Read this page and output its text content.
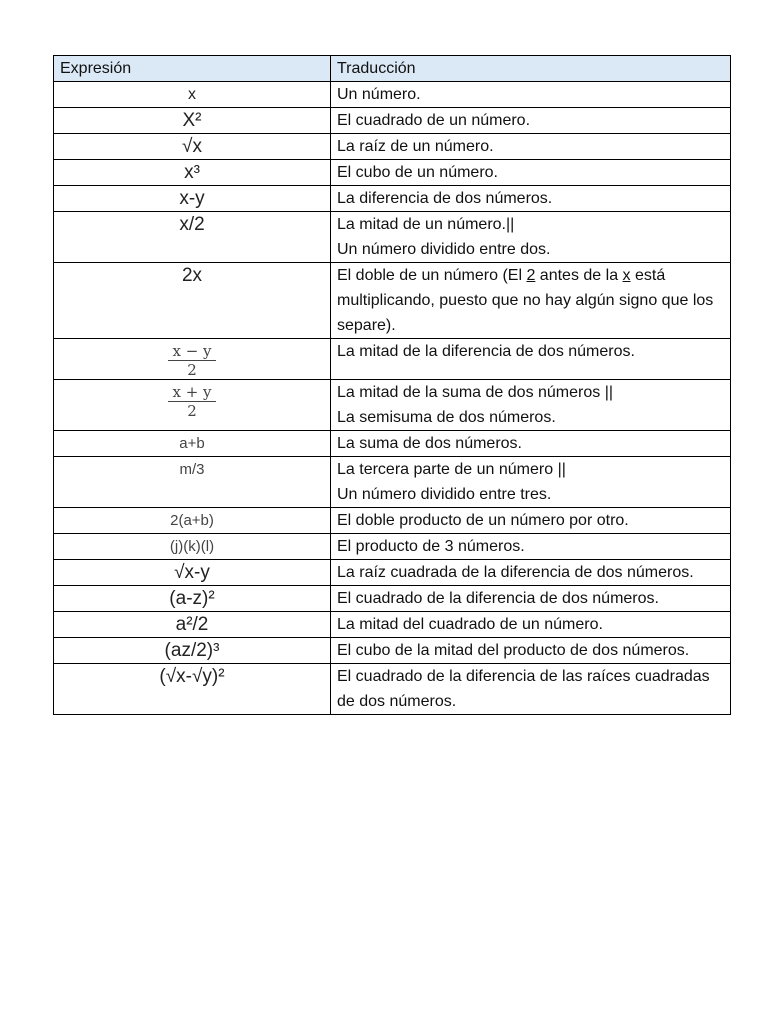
Expresión	Traducción
x	Un número.
X²	El cuadrado de un número.
√x	La raíz de un número.
x³	El cubo de un número.
x-y	La diferencia de dos números.
x/2	La mitad de un número.||
Un número dividido entre dos.
2x	El doble de un número (El 2 antes de la x está multiplicando, puesto que no hay algún signo que los separe).

$\frac{x - y}{2}$	La mitad de la diferencia de dos números.

$\frac{x + y}{2}$	La mitad de la suma de dos números ||
La semisuma de dos números.
a+b	La suma de dos números.
m/3	La tercera parte de un número ||
Un número dividido entre tres.
2(a+b)	El doble producto de un número por otro.
(j)(k)(l)	El producto de 3 números.
√x-y	La raíz cuadrada de la diferencia de dos números.
(a-z)²	El cuadrado de la diferencia de dos números.
a²/2	La mitad del cuadrado de un número.
(az/2)³	El cubo de la mitad del producto de dos números.
(√x-√y)²	El cuadrado de la diferencia de las raíces cuadradas de dos números.
